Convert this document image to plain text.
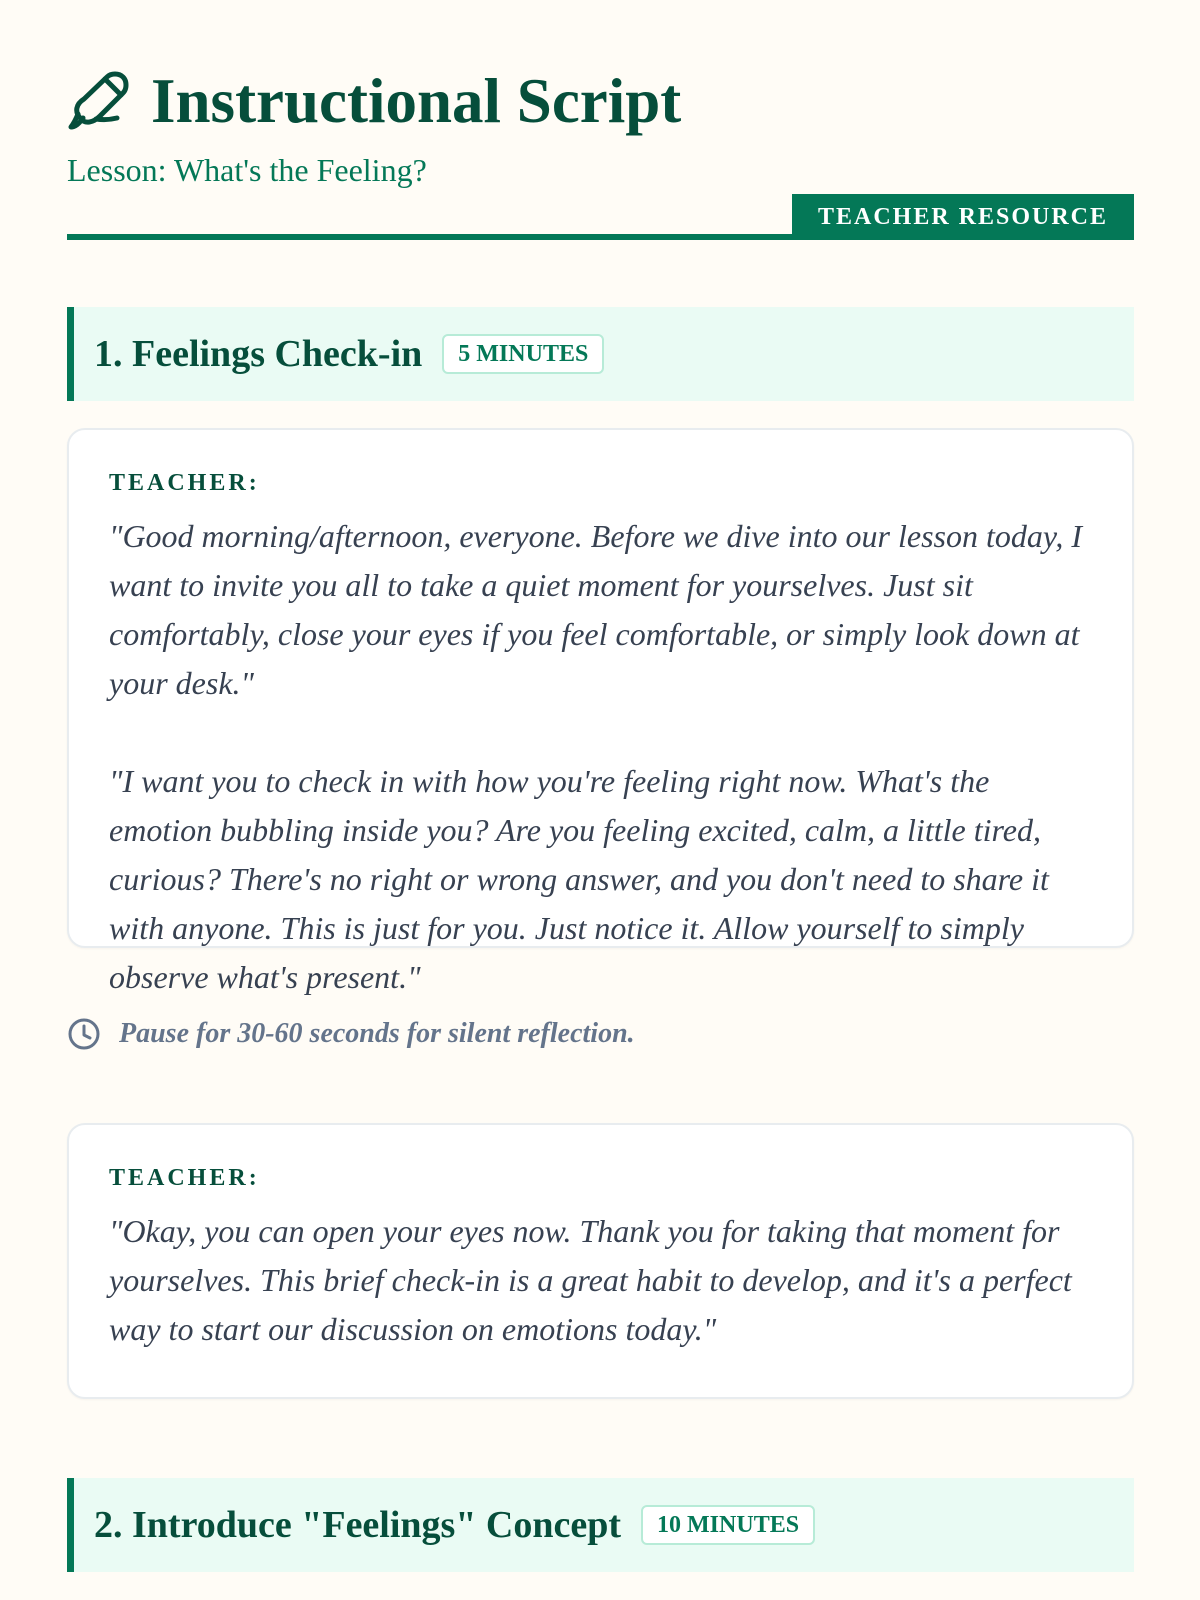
Instructional Script
Lesson: What's the Feeling?
TEACHER RESOURCE
1. Feelings Check-in	5 MINUTES
TEACHER:

"Good morning/afternoon, everyone. Before we dive into our lesson today, I want to invite you all to take a quiet moment for yourselves. Just sit comfortably, close your eyes if you feel comfortable, or simply look down at your desk."

"I want you to check in with how you're feeling right now. What's the emotion bubbling inside you? Are you feeling excited, calm, a little tired, curious? There's no right or wrong answer, and you don't need to share it with anyone. This is just for you. Just notice it. Allow yourself to simply observe what's present."

Pause for 30-60 seconds for silent reflection.
TEACHER:

"Okay, you can open your eyes now. Thank you for taking that moment for yourselves. This brief check-in is a great habit to develop, and it's a perfect way to start our discussion on emotions today."

2. Introduce "Feelings" Concept	10 MINUTES
